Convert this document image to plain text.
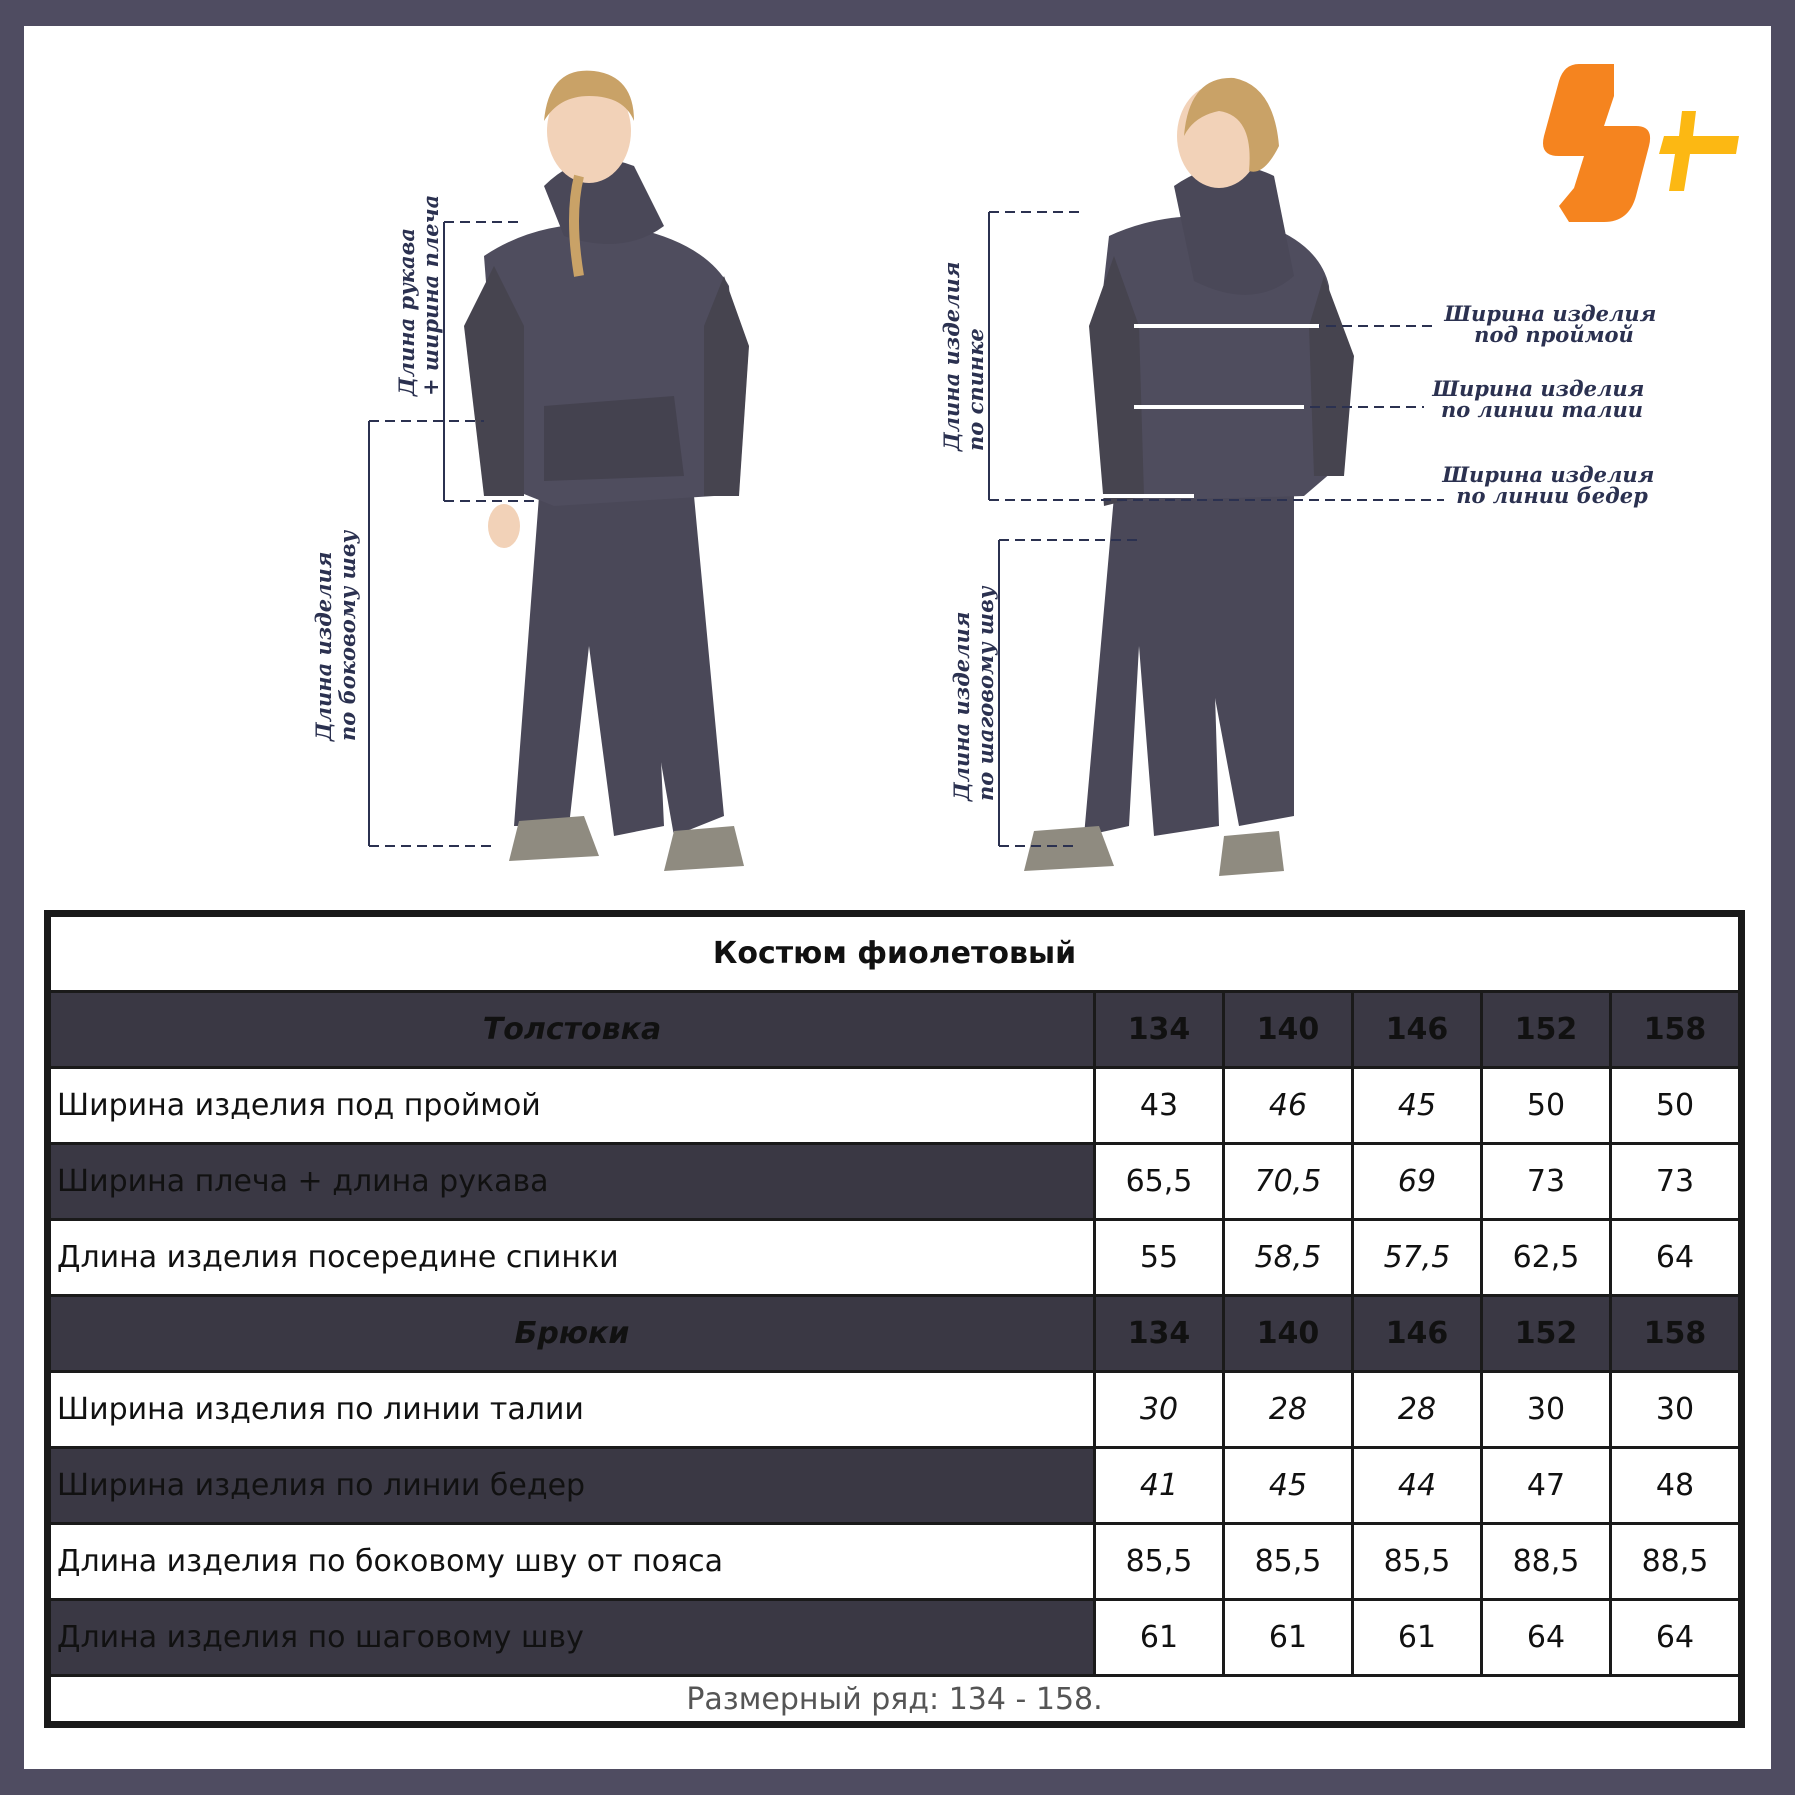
Длина рукава + ширина плеча
Длина изделия по боковому шву
Длина изделия по спинке
Длина изделия по шаговому шву
Ширина изделия под проймой
Ширина изделия по линии талии
Ширина изделия по линии бедер
Костюм фиолетовый					
Толстовка	134	140	146	152	158
Ширина изделия под проймой	43	46	45	50	50
Ширина плеча + длина рукава	65,5	70,5	69	73	73
Длина изделия посередине спинки	55	58,5	57,5	62,5	64
Брюки	134	140	146	152	158
Ширина изделия по линии талии	30	28	28	30	30
Ширина изделия по линии бедер	41	45	44	47	48
Длина изделия по боковому шву от пояса	85,5	85,5	85,5	88,5	88,5
Длина изделия по шаговому шву	61	61	61	64	64
Размерный ряд: 134 - 158.					
